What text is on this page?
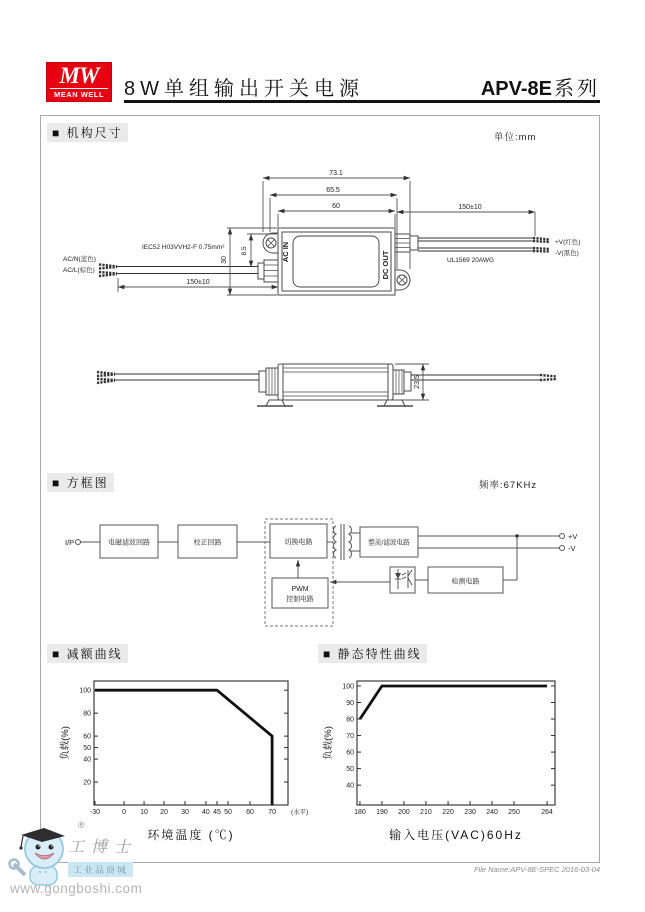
MW
MEAN WELL	8W单组输出开关电源	APV-8E 系列
■ 机构尺寸	单位:mm
73.1
65.5
60
30
8.5
150±10
150±10
AC/N(蓝色)
AC/L(棕色)
IEC52 H03VVH2-F 0.75mm²
UL1569 20AWG
+V(红色)
-V(黑色)
AC IN	DC OUT
23.5
■ 方框图	频率:67KHz
I/P	电磁滤波回路	校正回路	切换电路
PWM
控制电路
整流/滤波电路
检测电路
+V
-V
■ 减额曲线	■ 静态特性曲线
-30	0 10 20 30 40 45 50 60 70
20
40
50
60
80
100
(水平)
环境温度 (℃)
负载(%)
180 190 200 210 220 230 240 250	264
40
50
60
70
80
90
100
输入电压(VAC)60Hz
负载(%)
®
工博士
工业品商城
www.gongboshi.com
File Name:APV-8E-SPEC 2016-03-04
